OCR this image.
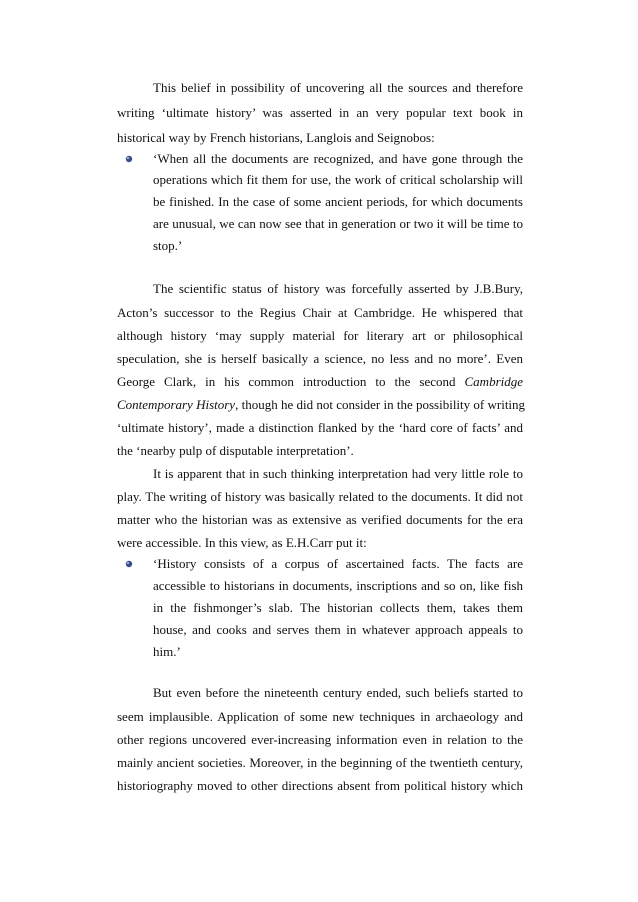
This belief in possibility of uncovering all the sources and therefore
writing ‘ultimate history’ was asserted in an very popular text book in
historical way by French historians, Langlois and Seignobos:
‘When all the documents are recognized, and have gone through the
operations which fit them for use, the work of critical scholarship will
be finished. In the case of some ancient periods, for which documents
are unusual, we can now see that in generation or two it will be time to
stop.’
The scientific status of history was forcefully asserted by J.B.Bury,
Acton’s successor to the Regius Chair at Cambridge. He whispered that
although history ‘may supply material for literary art or philosophical
speculation, she is herself basically a science, no less and no more’. Even
George Clark, in his common introduction to the second Cambridge
Contemporary History, though he did not consider in the possibility of writing
‘ultimate history’, made a distinction flanked by the ‘hard core of facts’ and
the ‘nearby pulp of disputable interpretation’.
It is apparent that in such thinking interpretation had very little role to
play. The writing of history was basically related to the documents. It did not
matter who the historian was as extensive as verified documents for the era
were accessible. In this view, as E.H.Carr put it:
‘History consists of a corpus of ascertained facts. The facts are
accessible to historians in documents, inscriptions and so on, like fish
in the fishmonger’s slab. The historian collects them, takes them
house, and cooks and serves them in whatever approach appeals to
him.’
But even before the nineteenth century ended, such beliefs started to
seem implausible. Application of some new techniques in archaeology and
other regions uncovered ever-increasing information even in relation to the
mainly ancient societies. Moreover, in the beginning of the twentieth century,
historiography moved to other directions absent from political history which
